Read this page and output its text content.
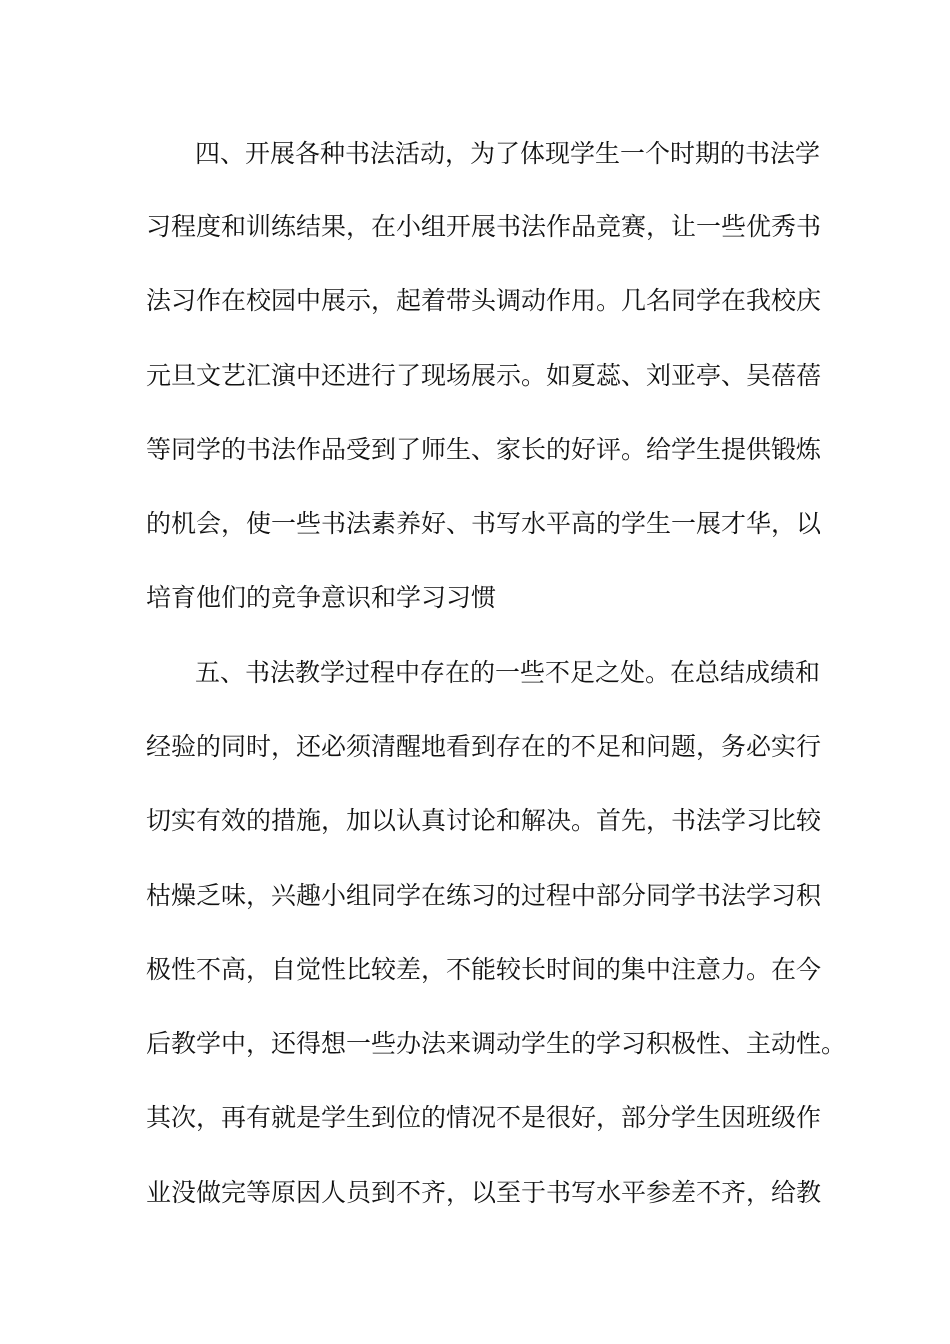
四、开展各种书法活动，为了体现学生一个时期的书法学
习程度和训练结果，在小组开展书法作品竞赛，让一些优秀书
法习作在校园中展示，起着带头调动作用。几名同学在我校庆
元旦文艺汇演中还进行了现场展示。如夏蕊、刘亚亭、吴蓓蓓
等同学的书法作品受到了师生、家长的好评。给学生提供锻炼
的机会，使一些书法素养好、书写水平高的学生一展才华，以
培育他们的竞争意识和学习习惯
五、书法教学过程中存在的一些不足之处。在总结成绩和
经验的同时，还必须清醒地看到存在的不足和问题，务必实行
切实有效的措施，加以认真讨论和解决。首先，书法学习比较
枯燥乏味，兴趣小组同学在练习的过程中部分同学书法学习积
极性不高，自觉性比较差，不能较长时间的集中注意力。在今
后教学中，还得想一些办法来调动学生的学习积极性、主动性。
其次，再有就是学生到位的情况不是很好，部分学生因班级作
业没做完等原因人员到不齐，以至于书写水平参差不齐，给教
